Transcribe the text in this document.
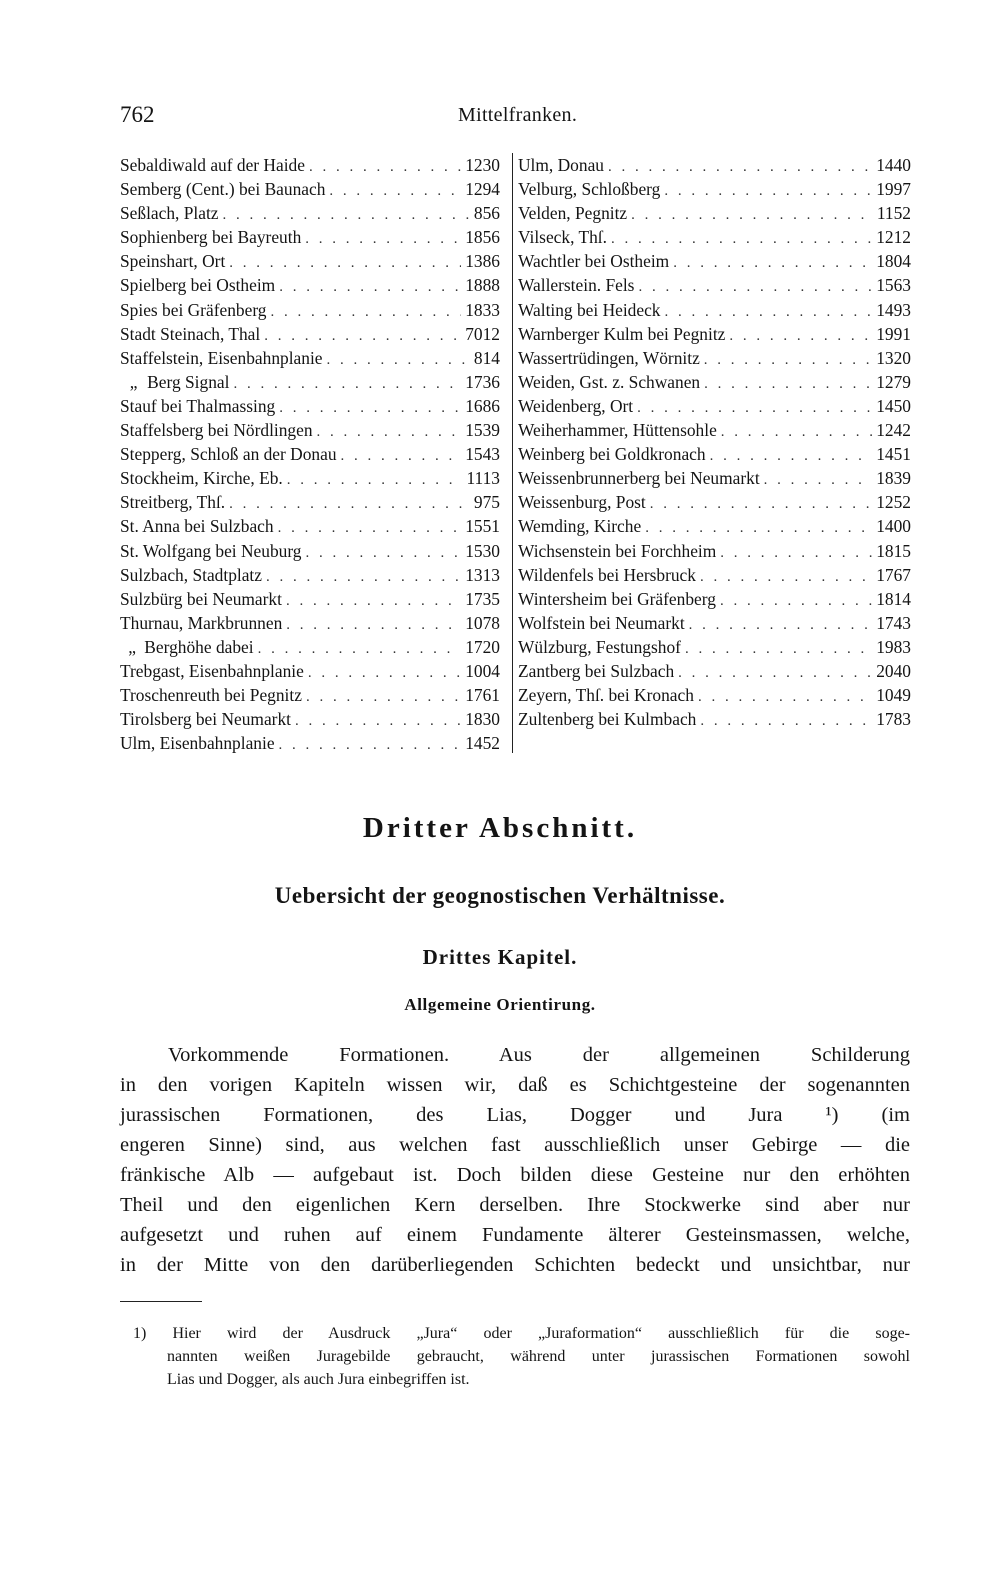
762	Mittelfranken.
Sebaldiwald auf der Haide . . .	1230
Semberg (Cent.) bei Baunach . . .	1294
Seßlach, Platz . . .	856
Sophienberg bei Bayreuth . . .	1856
Speinshart, Ort . . .	1386
Spielberg bei Ostheim . . .	1888
Spies bei Gräfenberg . . .	1833
Stadt Steinach, Thal . . .	7012
Staffelstein, Eisenbahnplanie . . .	814
„ Berg Signal . . .	1736
Stauf bei Thalmassing . . .	1686
Staffelsberg bei Nördlingen . . .	1539
Stepperg, Schloß an der Donau . . .	1543
Stockheim, Kirche, Eb. . . .	1113
Streitberg, Thſ. . . .	975
St. Anna bei Sulzbach . . .	1551
St. Wolfgang bei Neuburg . . .	1530
Sulzbach, Stadtplatz . . .	1313
Sulzbürg bei Neumarkt . . .	1735
Thurnau, Markbrunnen . . .	1078
„ Berghöhe dabei . . .	1720
Trebgast, Eisenbahnplanie . . .	1004
Troschenreuth bei Pegnitz . . .	1761
Tirolsberg bei Neumarkt . . .	1830
Ulm, Eisenbahnplanie . . .	1452
Ulm, Donau . . .	1440
Velburg, Schloßberg . . .	1997
Velden, Pegnitz . . .	1152
Vilseck, Thſ. . . .	1212
Wachtler bei Ostheim . . .	1804
Wallerstein. Fels . . .	1563
Walting bei Heideck . . .	1493
Warnberger Kulm bei Pegnitz . . .	1991
Wassertrüdingen, Wörnitz . . .	1320
Weiden, Gst. z. Schwanen . . .	1279
Weidenberg, Ort . . .	1450
Weiherhammer, Hüttensohle . . .	1242
Weinberg bei Goldkronach . . .	1451
Weissenbrunnerberg bei Neumarkt . . .	1839
Weissenburg, Post . . .	1252
Wemding, Kirche . . .	1400
Wichsenstein bei Forchheim . . .	1815
Wildenfels bei Hersbruck . . .	1767
Wintersheim bei Gräfenberg . . .	1814
Wolfstein bei Neumarkt . . .	1743
Wülzburg, Festungshof . . .	1983
Zantberg bei Sulzbach . . .	2040
Zeyern, Thſ. bei Kronach . . .	1049
Zultenberg bei Kulmbach . . .	1783
Dritter Abschnitt.
Uebersicht der geognostischen Verhältnisse.
Drittes Kapitel.
Allgemeine Orientirung.
Vorkommende Formationen. Aus der allgemeinen Schilderung
in den vorigen Kapiteln wissen wir, daß es Schichtgesteine der sogenannten
jurassischen Formationen, des Lias, Dogger und Jura ¹) (im
engeren Sinne) sind, aus welchen fast ausschließlich unser Gebirge — die
fränkische Alb — aufgebaut ist. Doch bilden diese Gesteine nur den erhöhten
Theil und den eigenlichen Kern derselben. Ihre Stockwerke sind aber nur
aufgesetzt und ruhen auf einem Fundamente älterer Gesteinsmassen, welche,
in der Mitte von den darüberliegenden Schichten bedeckt und unsichtbar, nur
1) Hier wird der Ausdruck „Jura“ oder „Juraformation“ ausschließlich für die soge-
nannten weißen Juragebilde gebraucht, während unter jurassischen Formationen sowohl
Lias und Dogger, als auch Jura einbegriffen ist.
